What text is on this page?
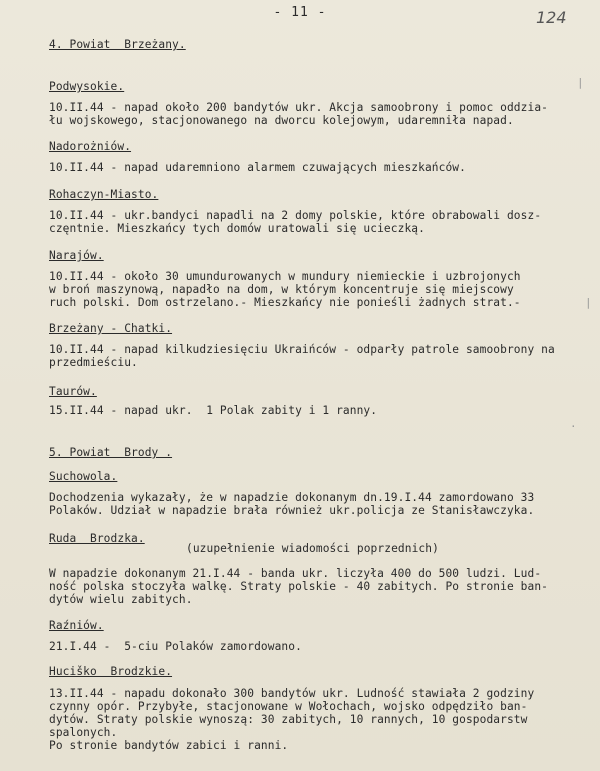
- 11 -	124
4. Powiat  Brzeżany.
Podwysokie.
10.II.44 - napad około 200 bandytów ukr. Akcja samoobrony i pomoc oddzia-
łu wojskowego, stacjonowanego na dworcu kolejowym, udaremniła napad.
Nadorożniów.
10.II.44 - napad udaremniono alarmem czuwających mieszkańców.
Rohaczyn-Miasto.
10.II.44 - ukr.bandyci napadli na 2 domy polskie, które obrabowali dosz-
częntnie. Mieszkańcy tych domów uratowali się ucieczką.
Narajów.
10.II.44 - około 30 umundurowanych w mundury niemieckie i uzbrojonych
w broń maszynową, napadło na dom, w którym koncentruje się miejscowy
ruch polski. Dom ostrzelano.- Mieszkańcy nie ponieśli żadnych strat.-
Brzeżany - Chatki.
10.II.44 - napad kilkudziesięciu Ukraińców - odparły patrole samoobrony na
przedmieściu.
Taurów.
15.II.44 - napad ukr.  1 Polak zabity i 1 ranny.
5. Powiat  Brody .
Suchowola.
Dochodzenia wykazały, że w napadzie dokonanym dn.19.I.44 zamordowano 33
Polaków. Udział w napadzie brała również ukr.policja ze Stanisławczyka.
Ruda  Brodzka.
(uzupełnienie wiadomości poprzednich)
W napadzie dokonanym 21.I.44 - banda ukr. liczyła 400 do 500 ludzi. Lud-
ność polska stoczyła walkę. Straty polskie - 40 zabitych. Po stronie ban-
dytów wielu zabitych.
Raźniów.
21.I.44 -  5-ciu Polaków zamordowano.
Huciško  Brodzkie.
13.II.44 - napadu dokonało 300 bandytów ukr. Ludność stawiała 2 godziny
czynny opór. Przybyłe, stacjonowane w Wołochach, wojsko odpędziło ban-
dytów. Straty polskie wynoszą: 30 zabitych, 10 rannych, 10 gospodarstw
spalonych.
Po stronie bandytów zabici i ranni.
|
|
·
